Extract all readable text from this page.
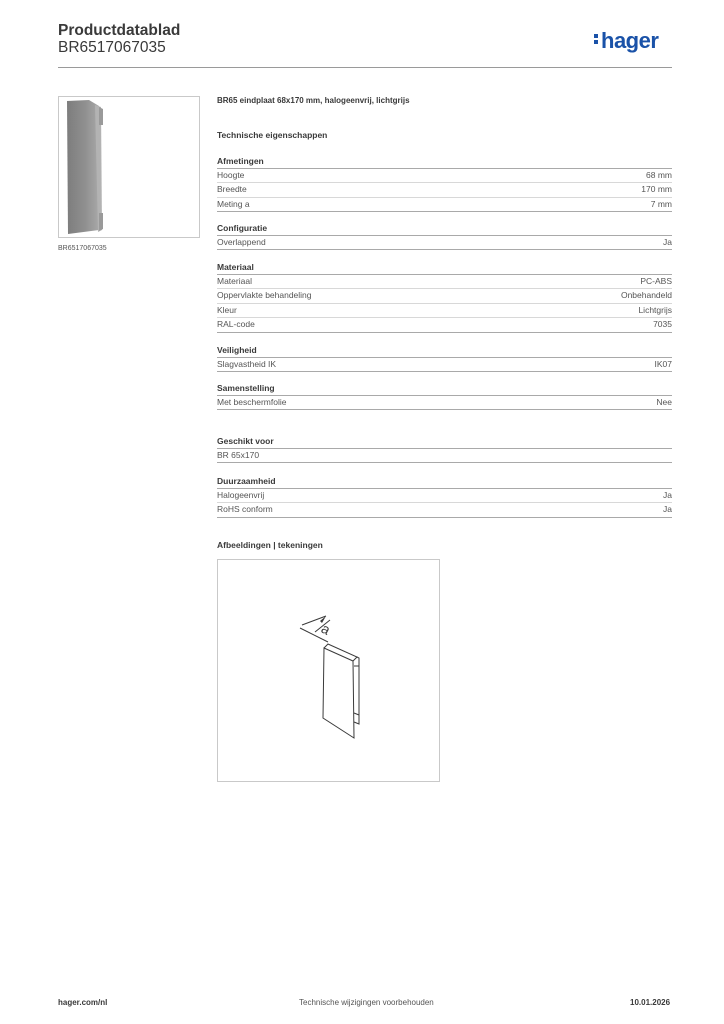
Productdatablad
BR6517067035	hager
BR6517067035
BR65 eindplaat 68x170 mm, halogeenvrij, lichtgrijs
Technische eigenschappen
Afmetingen
Hoogte	68 mm
Breedte	170 mm
Meting a	7 mm
Configuratie
Overlappend	Ja
Materiaal
Materiaal	PC-ABS
Oppervlakte behandeling	Onbehandeld
Kleur	Lichtgrijs
RAL-code	7035
Veiligheid
Slagvastheid IK	IK07
Samenstelling
Met beschermfolie	Nee
Geschikt voor
BR 65x170
Duurzaamheid
Halogeenvrij	Ja
RoHS conform	Ja
Afbeeldingen | tekeningen
a
hager.com/nl	Technische wijzigingen voorbehouden	10.01.2026
